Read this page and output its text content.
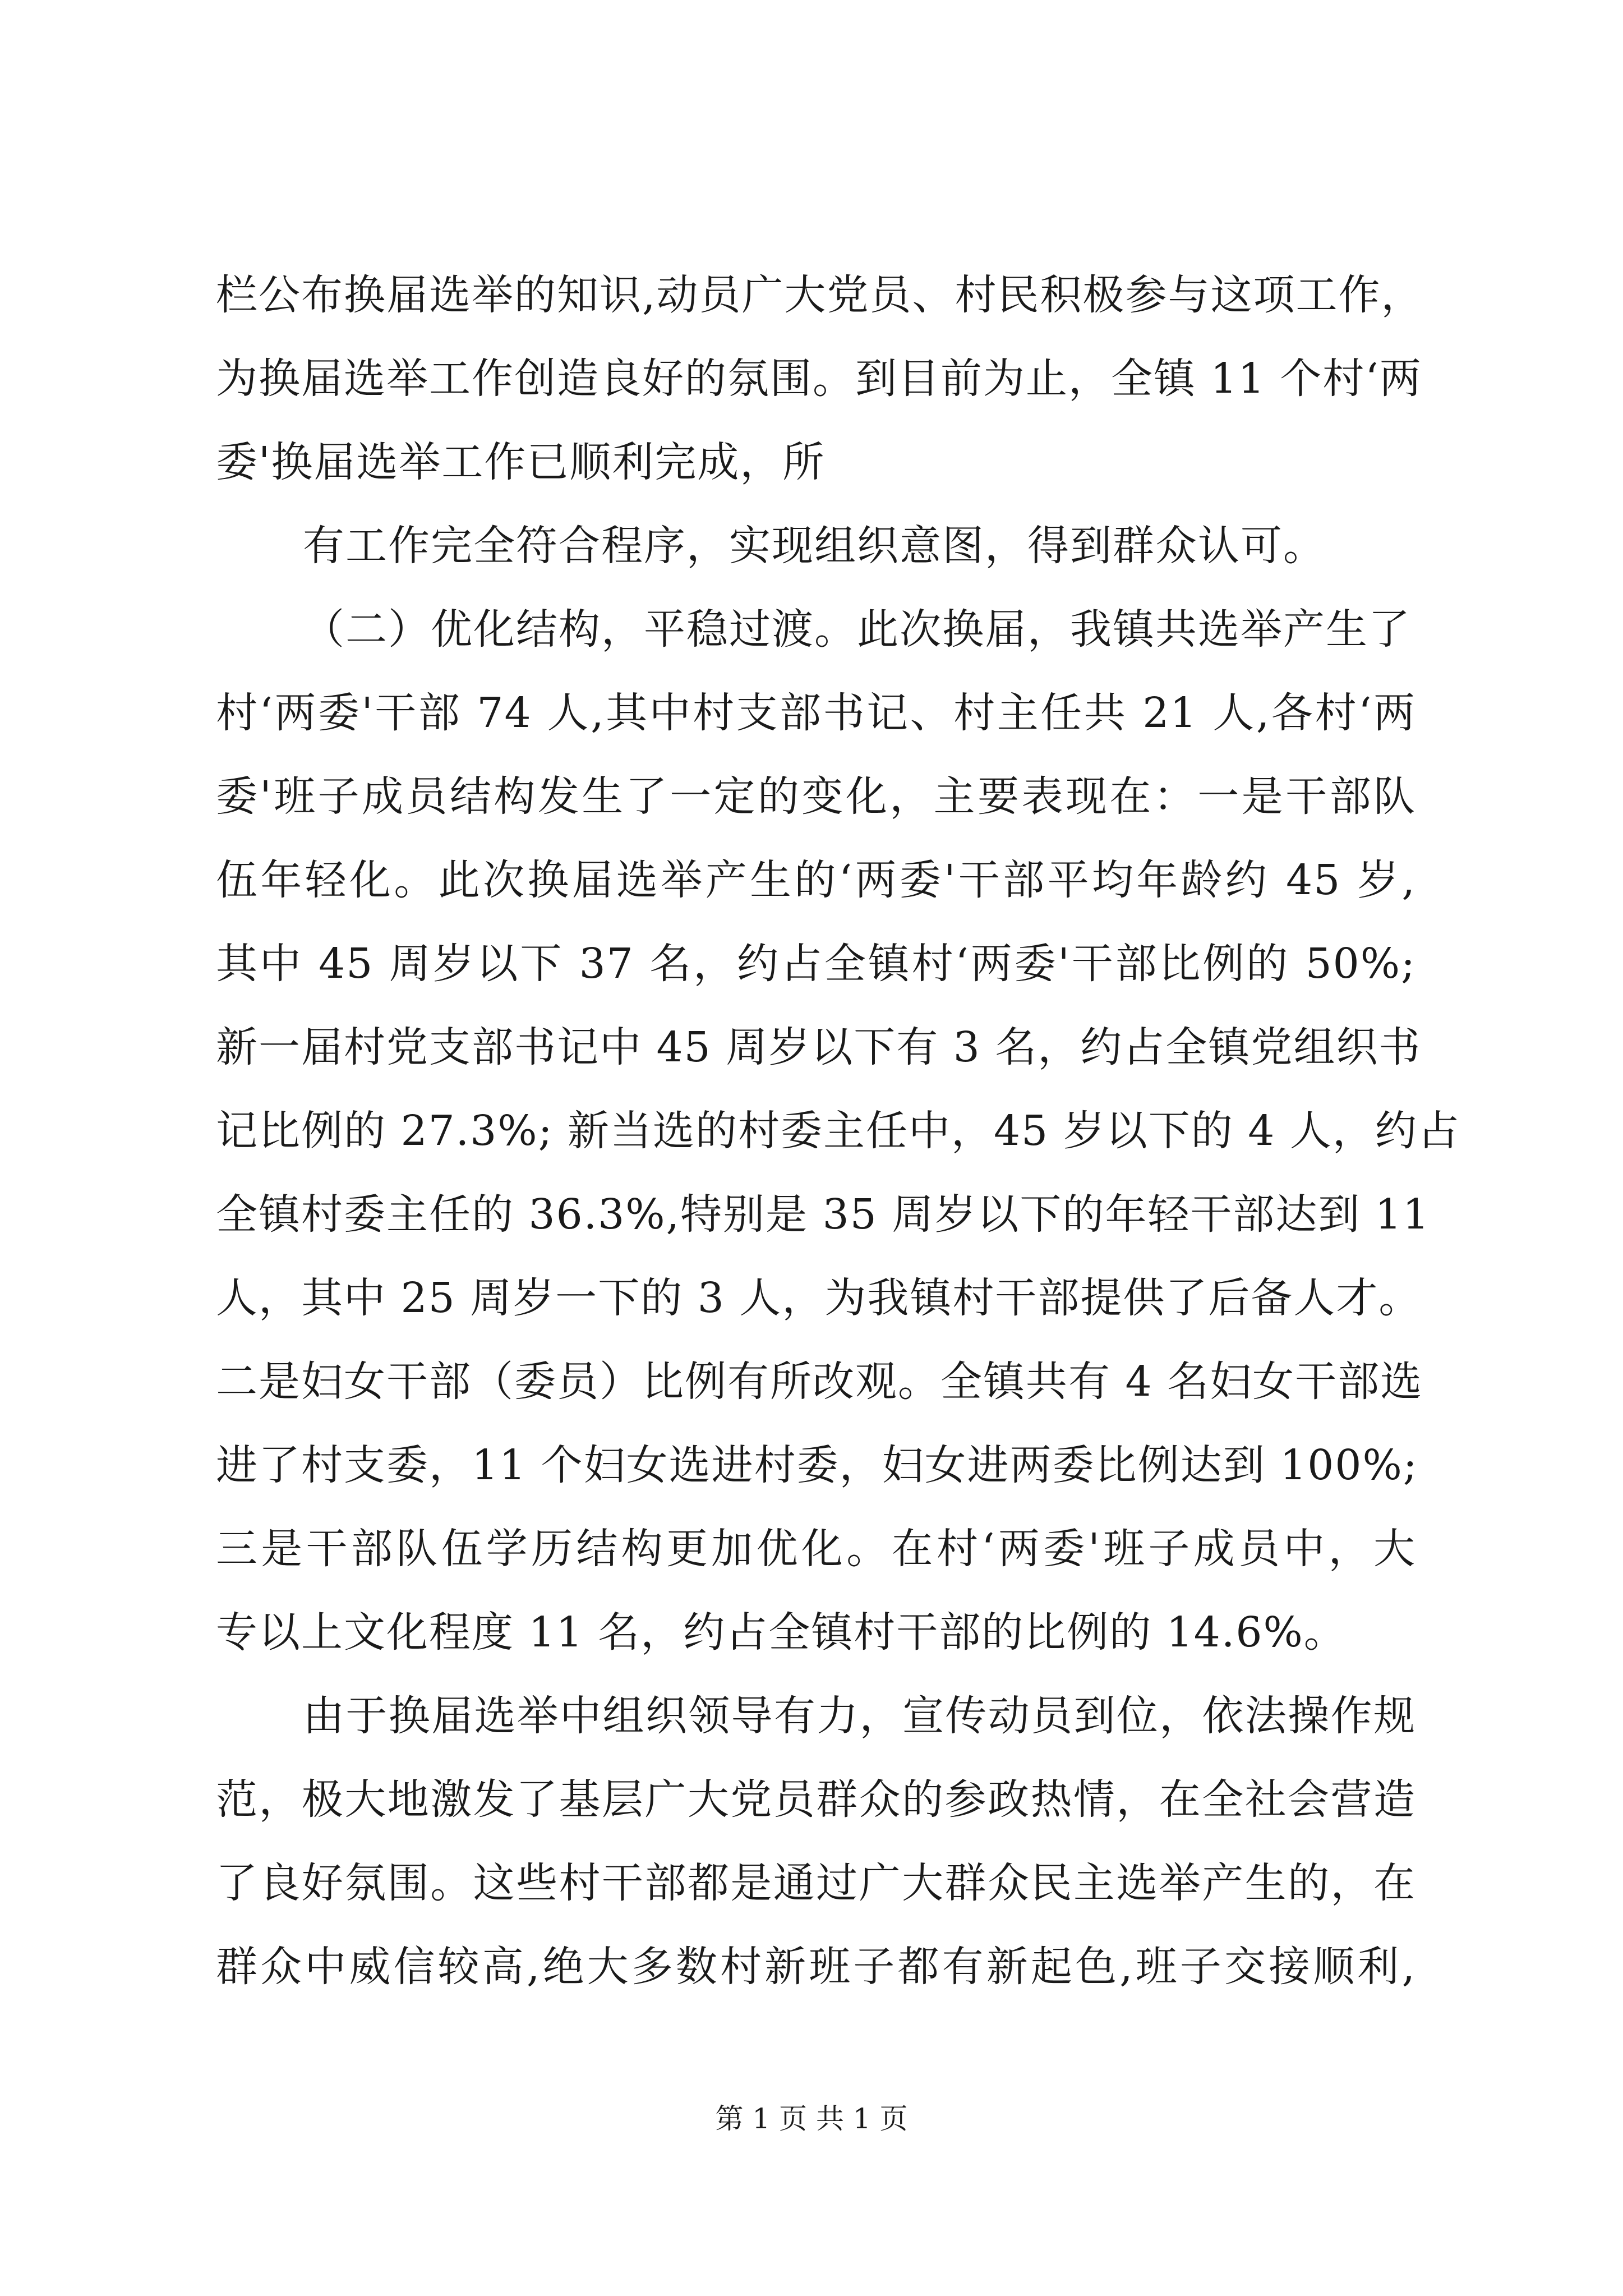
栏公布换届选举的知识,动员广大党员、村民积极参与这项工作，
为换届选举工作创造良好的氛围。到目前为止，全镇 11 个村‘两
委'换届选举工作已顺利完成，所
有工作完全符合程序，实现组织意图，得到群众认可。
（二）优化结构，平稳过渡。此次换届，我镇共选举产生了
村‘两委'干部 74 人,其中村支部书记、村主任共 21 人,各村‘两
委'班子成员结构发生了一定的变化，主要表现在：一是干部队
伍年轻化。此次换届选举产生的‘两委'干部平均年龄约 45 岁,
其中 45 周岁以下 37 名，约占全镇村‘两委'干部比例的 50%;
新一届村党支部书记中 45 周岁以下有 3 名，约占全镇党组织书
记比例的 27.3%; 新当选的村委主任中，45 岁以下的 4 人，约占
全镇村委主任的 36.3%,特别是 35 周岁以下的年轻干部达到 11
人，其中 25 周岁一下的 3 人，为我镇村干部提供了后备人才。
二是妇女干部（委员）比例有所改观。全镇共有 4 名妇女干部选
进了村支委，11 个妇女选进村委，妇女进两委比例达到 100%;
三是干部队伍学历结构更加优化。在村‘两委'班子成员中，大
专以上文化程度 11 名，约占全镇村干部的比例的 14.6%。
由于换届选举中组织领导有力，宣传动员到位，依法操作规
范，极大地激发了基层广大党员群众的参政热情，在全社会营造
了良好氛围。这些村干部都是通过广大群众民主选举产生的，在
群众中威信较高,绝大多数村新班子都有新起色,班子交接顺利,
第 1 页 共 1 页
